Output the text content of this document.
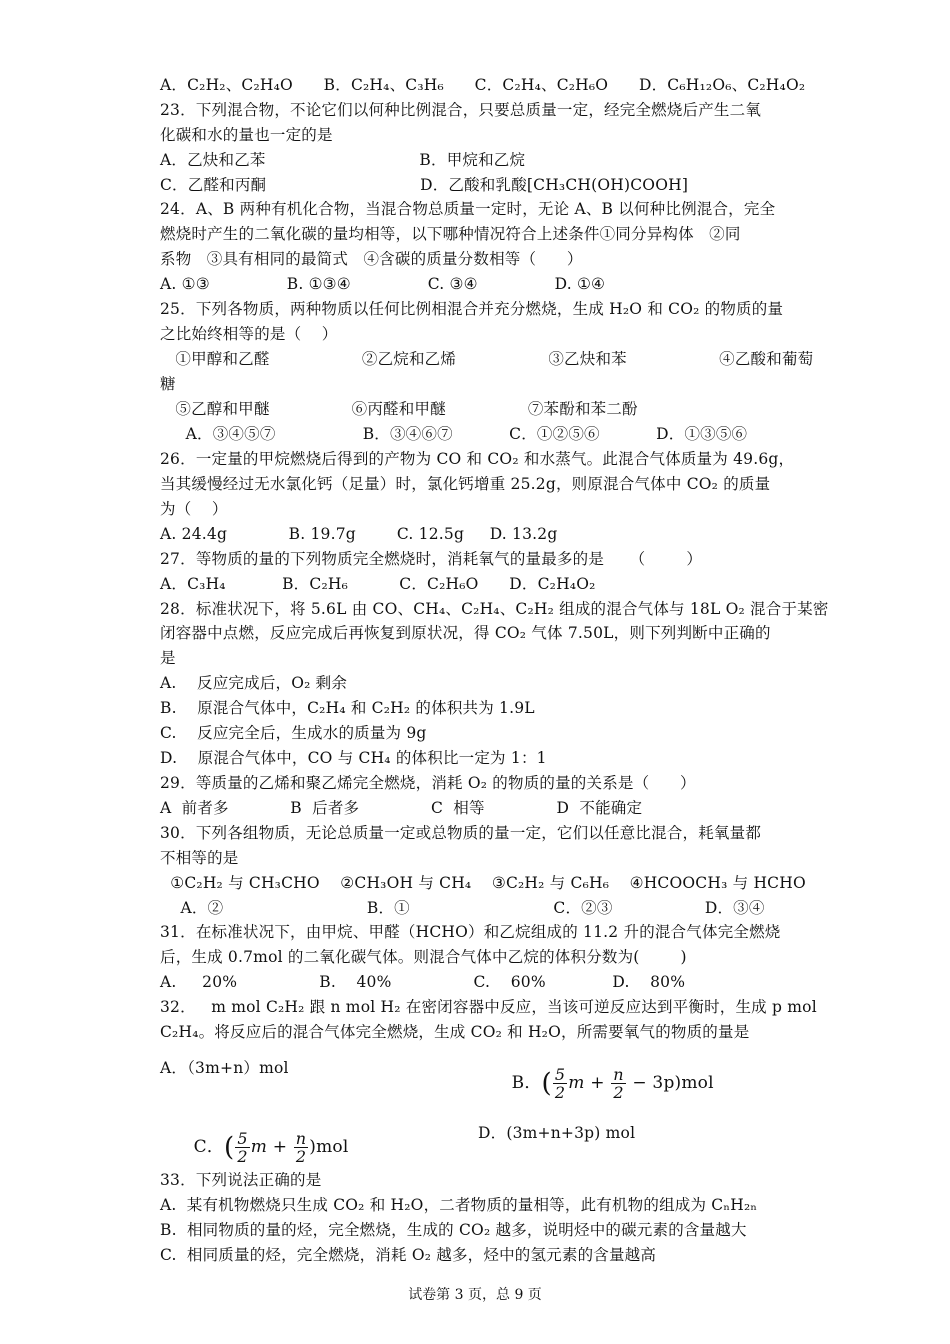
A．C₂H₂、C₂H₄O      B．C₂H₄、C₃H₆      C．C₂H₄、C₂H₆O      D．C₆H₁₂O₆、C₂H₄O₂
23．下列混合物，不论它们以何种比例混合，只要总质量一定，经完全燃烧后产生二氧
化碳和水的量也一定的是
A．乙炔和乙苯                              B．甲烷和乙烷
C．乙醛和丙酮                              D．乙酸和乳酸[CH₃CH(OH)COOH]
24．A、B 两种有机化合物，当混合物总质量一定时，无论 A、B 以何种比例混合，完全
燃烧时产生的二氧化碳的量均相等，以下哪种情况符合上述条件①同分异构体   ②同
系物   ③具有相同的最简式   ④含碳的质量分数相等（      ）
A. ①③               B. ①③④               C. ③④               D. ①④
25．下列各物质，两种物质以任何比例相混合并充分燃烧，生成 H₂O 和 CO₂ 的物质的量
之比始终相等的是（    ）
①甲醇和乙醛                  ②乙烷和乙烯                  ③乙炔和苯                  ④乙酸和葡萄
糖
⑤乙醇和甲醚                ⑥丙醛和甲醚                ⑦苯酚和苯二酚
A．③④⑤⑦                 B．③④⑥⑦           C．①②⑤⑥           D．①③⑤⑥
26．一定量的甲烷燃烧后得到的产物为 CO 和 CO₂ 和水蒸气。此混合气体质量为 49.6g，
当其缓慢经过无水氯化钙（足量）时，氯化钙增重 25.2g，则原混合气体中 CO₂ 的质量
为（    ）
A. 24.4g            B. 19.7g        C. 12.5g     D. 13.2g
27．等物质的量的下列物质完全燃烧时，消耗氧气的量最多的是     （        ）
A．C₃H₄           B．C₂H₆          C．C₂H₆O      D．C₂H₄O₂
28．标准状况下，将 5.6L 由 CO、CH₄、C₂H₄、C₂H₂ 组成的混合气体与 18L O₂ 混合于某密
闭容器中点燃，反应完成后再恢复到原状况，得 CO₂ 气体 7.50L，则下列判断中正确的
是
A.    反应完成后，O₂ 剩余
B.    原混合气体中，C₂H₄ 和 C₂H₂ 的体积共为 1.9L
C.    反应完全后，生成水的质量为 9g
D.    原混合气体中，CO 与 CH₄ 的体积比一定为 1：1
29．等质量的乙烯和聚乙烯完全燃烧，消耗 O₂ 的物质的量的关系是（      ）
A  前者多            B  后者多              C  相等              D  不能确定
30．下列各组物质，无论总质量一定或总物质的量一定，它们以任意比混合，耗氧量都
不相等的是
①C₂H₂ 与 CH₃CHO    ②CH₃OH 与 CH₄    ③C₂H₂ 与 C₆H₆    ④HCOOCH₃ 与 HCHO
A．②                            B．①                            C．②③                  D．③④
31．在标准状况下，由甲烷、甲醛（HCHO）和乙烷组成的 11.2 升的混合气体完全燃烧
后，生成 0.7mol 的二氧化碳气体。则混合气体中乙烷的体积分数为(        )
A.     20%                B.    40%                C.    60%             D.    80%
32．   m mol C₂H₂ 跟 n mol H₂ 在密闭容器中反应，当该可逆反应达到平衡时，生成 p mol
C₂H₄。将反应后的混合气体完全燃烧，生成 CO₂ 和 H₂O，所需要氧气的物质的量是
A．（3m+n）mol

B．( $\frac{5}{2}$ $m + \frac{n}{2} - 3p)mol$

C．( $\frac{5}{2}$ $m + \frac{n}{2} )mol$

D．(3m+n+3p) mol
33．下列说法正确的是
A.  某有机物燃烧只生成 CO₂ 和 H₂O，二者物质的量相等，此有机物的组成为 CₙH₂ₙ
B.  相同物质的量的烃，完全燃烧，生成的 CO₂ 越多，说明烃中的碳元素的含量越大
C.  相同质量的烃，完全燃烧，消耗 O₂ 越多，烃中的氢元素的含量越高
试卷第 3 页，总 9 页
